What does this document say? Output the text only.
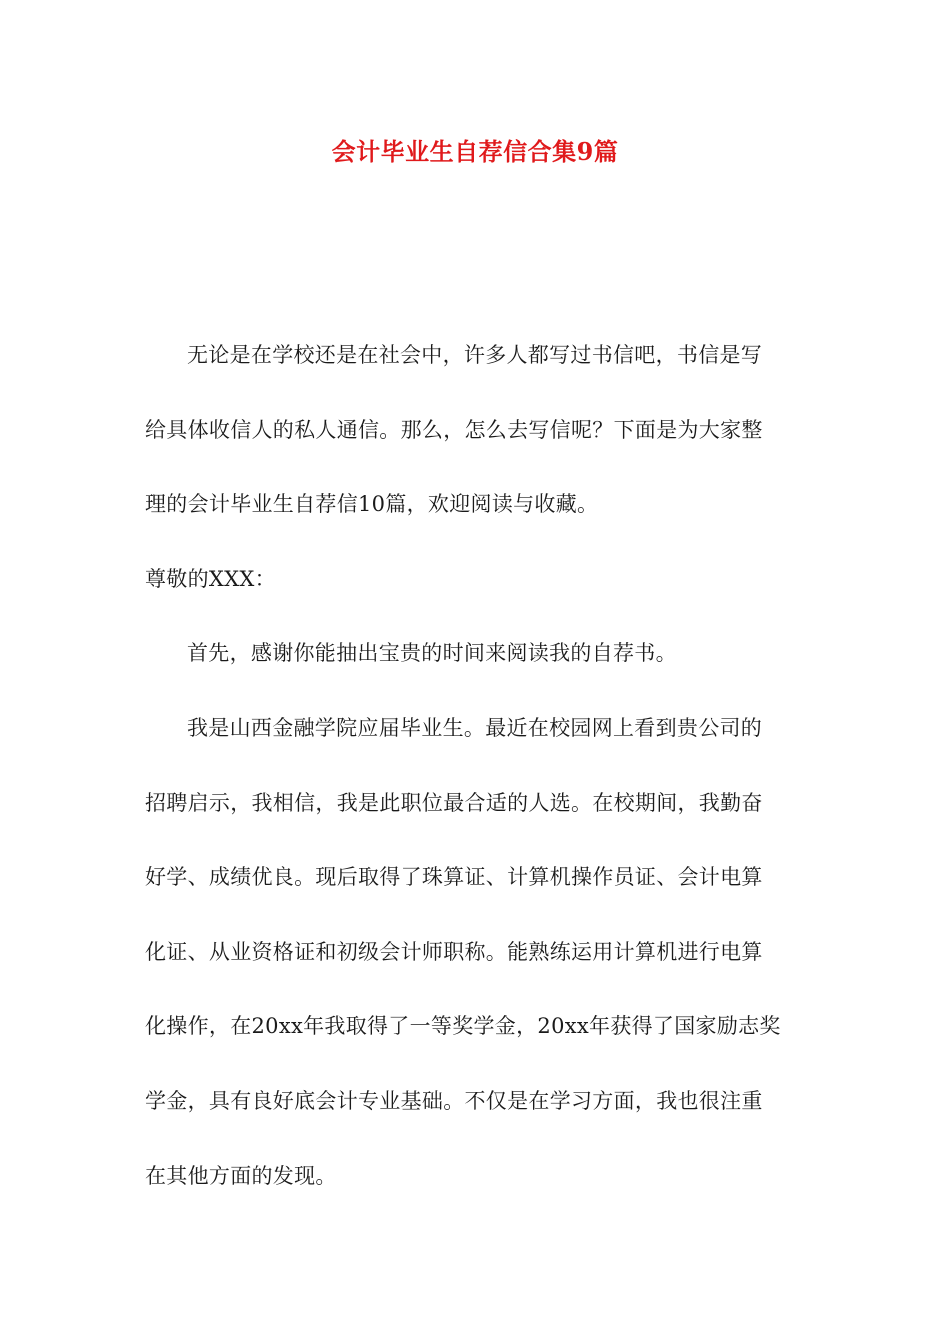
会计毕业生自荐信合集9篇

无论是在学校还是在社会中，许多人都写过书信吧，书信是写
给具体收信人的私人通信。那么，怎么去写信呢？下面是为大家整
理的会计毕业生自荐信10篇，欢迎阅读与收藏。

尊敬的XXX：

首先，感谢你能抽出宝贵的时间来阅读我的自荐书。

我是山西金融学院应届毕业生。最近在校园网上看到贵公司的
招聘启示，我相信，我是此职位最合适的人选。在校期间，我勤奋
好学、成绩优良。现后取得了珠算证、计算机操作员证、会计电算
化证、从业资格证和初级会计师职称。能熟练运用计算机进行电算
化操作，在20xx年我取得了一等奖学金，20xx年获得了国家励志奖
学金，具有良好底会计专业基础。不仅是在学习方面，我也很注重
在其他方面的发现。
